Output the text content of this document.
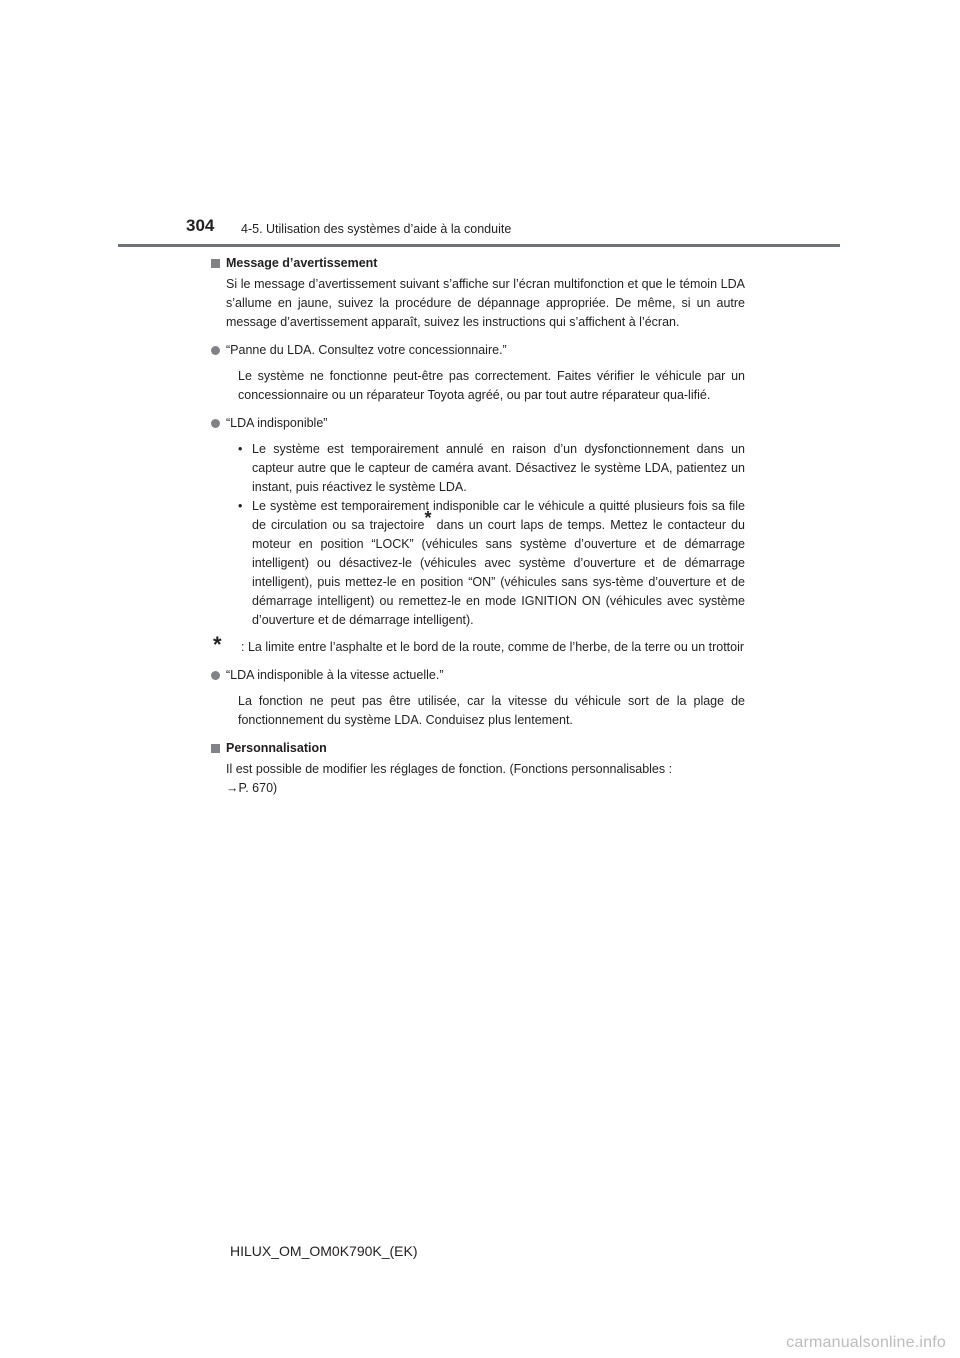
304 4-5. Utilisation des systèmes d’aide à la conduite
Message d’avertissement
Si le message d’avertissement suivant s’affiche sur l’écran multifonction et que le témoin LDA s’allume en jaune, suivez la procédure de dépannage appropriée. De même, si un autre message d’avertissement apparaît, suivez les instructions qui s’affichent à l’écran.
“Panne du LDA. Consultez votre concessionnaire.”
Le système ne fonctionne peut-être pas correctement. Faites vérifier le véhicule par un concessionnaire ou un réparateur Toyota agréé, ou par tout autre réparateur qua-lifié.
“LDA indisponible”
• Le système est temporairement annulé en raison d’un dysfonctionnement dans un capteur autre que le capteur de caméra avant. Désactivez le système LDA, patientez un instant, puis réactivez le système LDA.
• Le système est temporairement indisponible car le véhicule a quitté plusieurs fois sa file de circulation ou sa trajectoire* dans un court laps de temps. Mettez le contacteur du moteur en position “LOCK” (véhicules sans système d’ouverture et de démarrage intelligent) ou désactivez-le (véhicules avec système d’ouverture et de démarrage intelligent), puis mettez-le en position “ON” (véhicules sans sys-tème d’ouverture et de démarrage intelligent) ou remettez-le en mode IGNITION ON (véhicules avec système d’ouverture et de démarrage intelligent).
* : La limite entre l’asphalte et le bord de la route, comme de l’herbe, de la terre ou un trottoir
“LDA indisponible à la vitesse actuelle.”
La fonction ne peut pas être utilisée, car la vitesse du véhicule sort de la plage de fonctionnement du système LDA. Conduisez plus lentement.
Personnalisation
Il est possible de modifier les réglages de fonction. (Fonctions personnalisables :
→P. 670)
HILUX_OM_OM0K790K_(EK)
carmanualsonline.info
